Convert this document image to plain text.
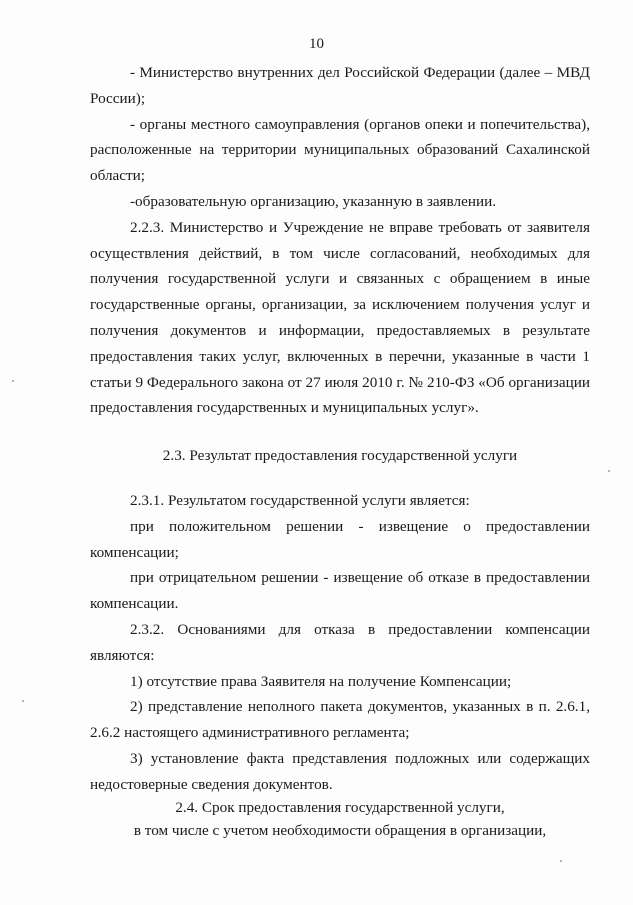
10

- Министерство внутренних дел Российской Федерации (далее – МВД России);

- органы местного самоуправления (органов опеки и попечительства), расположенные на территории муниципальных образований Сахалинской области;

-образовательную организацию, указанную в заявлении.

2.2.3. Министерство и Учреждение не вправе требовать от заявителя осуществления действий, в том числе согласований, необходимых для получения государственной услуги и связанных с обращением в иные государственные органы, организации, за исключением получения услуг и получения документов и информации, предоставляемых в результате предоставления таких услуг, включенных в перечни, указанные в части 1 статьи 9 Федерального закона от 27 июля 2010 г. № 210-ФЗ «Об организации предоставления государственных и муниципальных услуг».

2.3. Результат предоставления государственной услуги

2.3.1. Результатом государственной услуги является:

при положительном решении - извещение о предоставлении компенсации;

при отрицательном решении - извещение об отказе в предоставлении компенсации.

2.3.2. Основаниями для отказа в предоставлении компенсации являются:

1) отсутствие права Заявителя на получение Компенсации;

2) представление неполного пакета документов, указанных в п. 2.6.1, 2.6.2 настоящего административного регламента;

3) установление факта представления подложных или содержащих недостоверные сведения документов.

2.4. Срок предоставления государственной услуги,

в том числе с учетом необходимости обращения в организации,
